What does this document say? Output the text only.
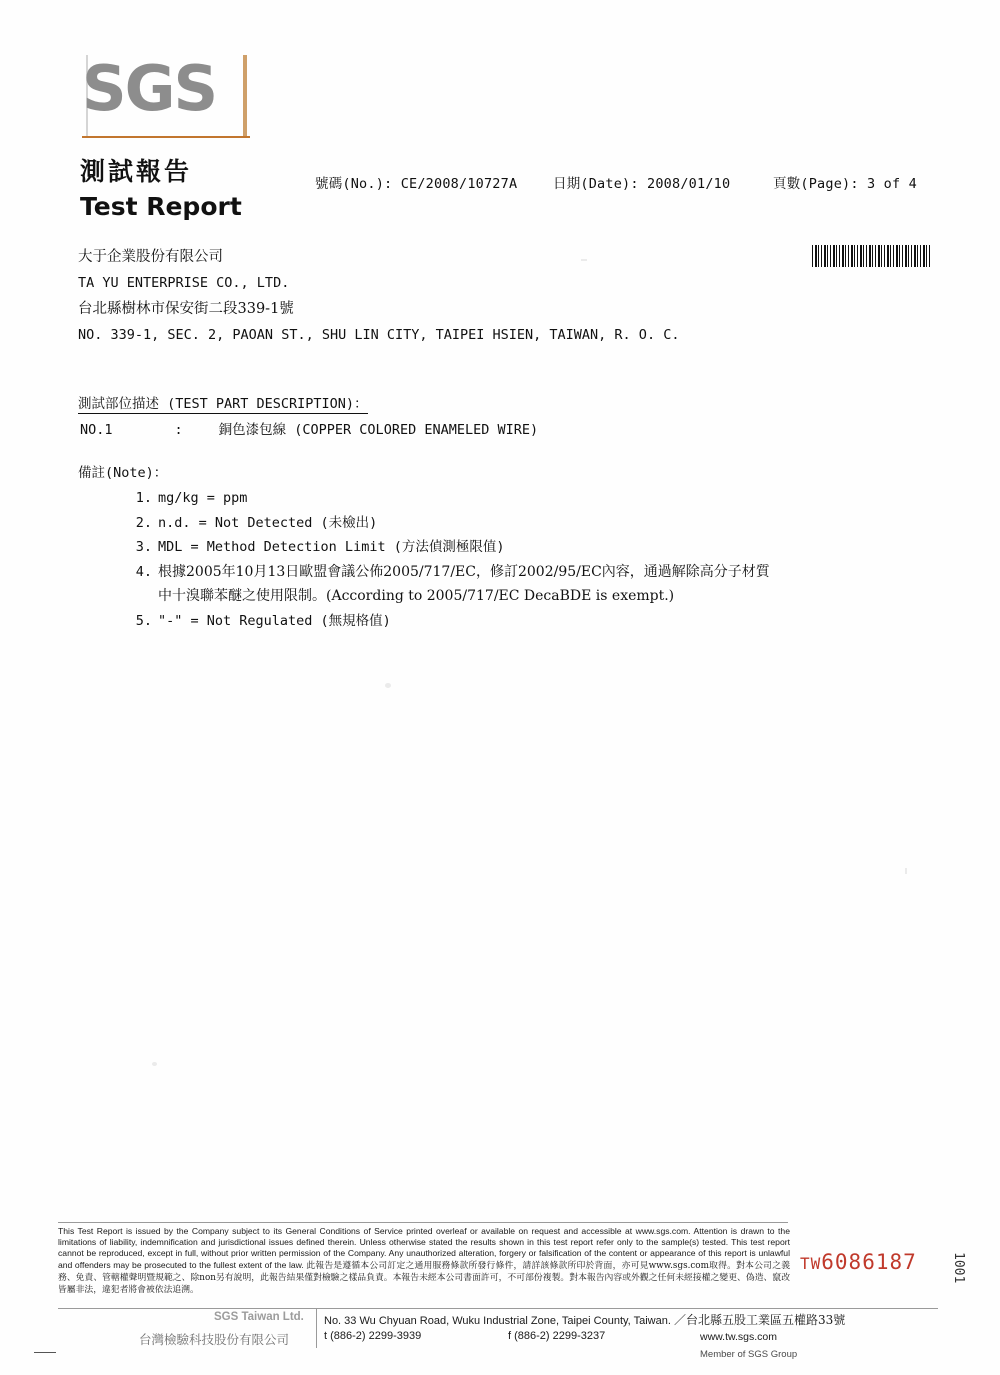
SGS
測試報告
Test Report
號碼(No.): CE/2008/10727A	日期(Date): 2008/01/10	頁數(Page): 3 of 4
大于企業股份有限公司
TA YU ENTERPRISE CO., LTD.
台北縣樹林市保安街二段339-1號
NO. 339-1, SEC. 2, PAOAN ST., SHU LIN CITY, TAIPEI HSIEN, TAIWAN, R. O. C.
測試部位描述 (TEST PART DESCRIPTION)：
NO.1	:	銅色漆包線 (COPPER COLORED ENAMELED WIRE)
備註(Note)：
1. mg/kg = ppm
2. n.d. = Not Detected (未檢出)
3. MDL = Method Detection Limit (方法偵測極限值)
4. 根據2005年10月13日歐盟會議公佈2005/717/EC，修訂2002/95/EC內容，通過解除高分子材質
中十溴聯苯醚之使用限制。(According to 2005/717/EC DecaBDE is exempt.)
5. "-" = Not Regulated (無規格值)
This Test Report is issued by the Company subject to its General Conditions of Service printed overleaf or available on request and accessible at www.sgs.com. Attention is drawn to the limitations of liability, indemnification and jurisdictional issues defined therein. Unless otherwise stated the results shown in this test report refer only to the sample(s) tested. This test report cannot be reproduced, except in full, without prior written permission of the Company. Any unauthorized alteration, forgery or falsification of the content or appearance of this report is unlawful and offenders may be prosecuted to the fullest extent of the law. 此報告是遵循本公司訂定之通用服務條款所發行條件，請詳該條款所印於背面，亦可見www.sgs.com取得。對本公司之義務、免責、管轄權聲明暨規範之、除non另有說明，此報告結果僅對檢驗之樣品負責。本報告未經本公司書面許可，不可部份複製。對本報告內容或外觀之任何未經接權之變更、偽造、竄改皆屬非法，違犯者將會被依法追溯。
TW6086187	1001
SGS Taiwan Ltd.
台灣檢驗科技股份有限公司
No. 33 Wu Chyuan Road, Wuku Industrial Zone, Taipei County, Taiwan. ／台北縣五股工業區五權路33號
t (886-2) 2299-3939	f (886-2) 2299-3237	www.tw.sgs.com
Member of SGS Group
